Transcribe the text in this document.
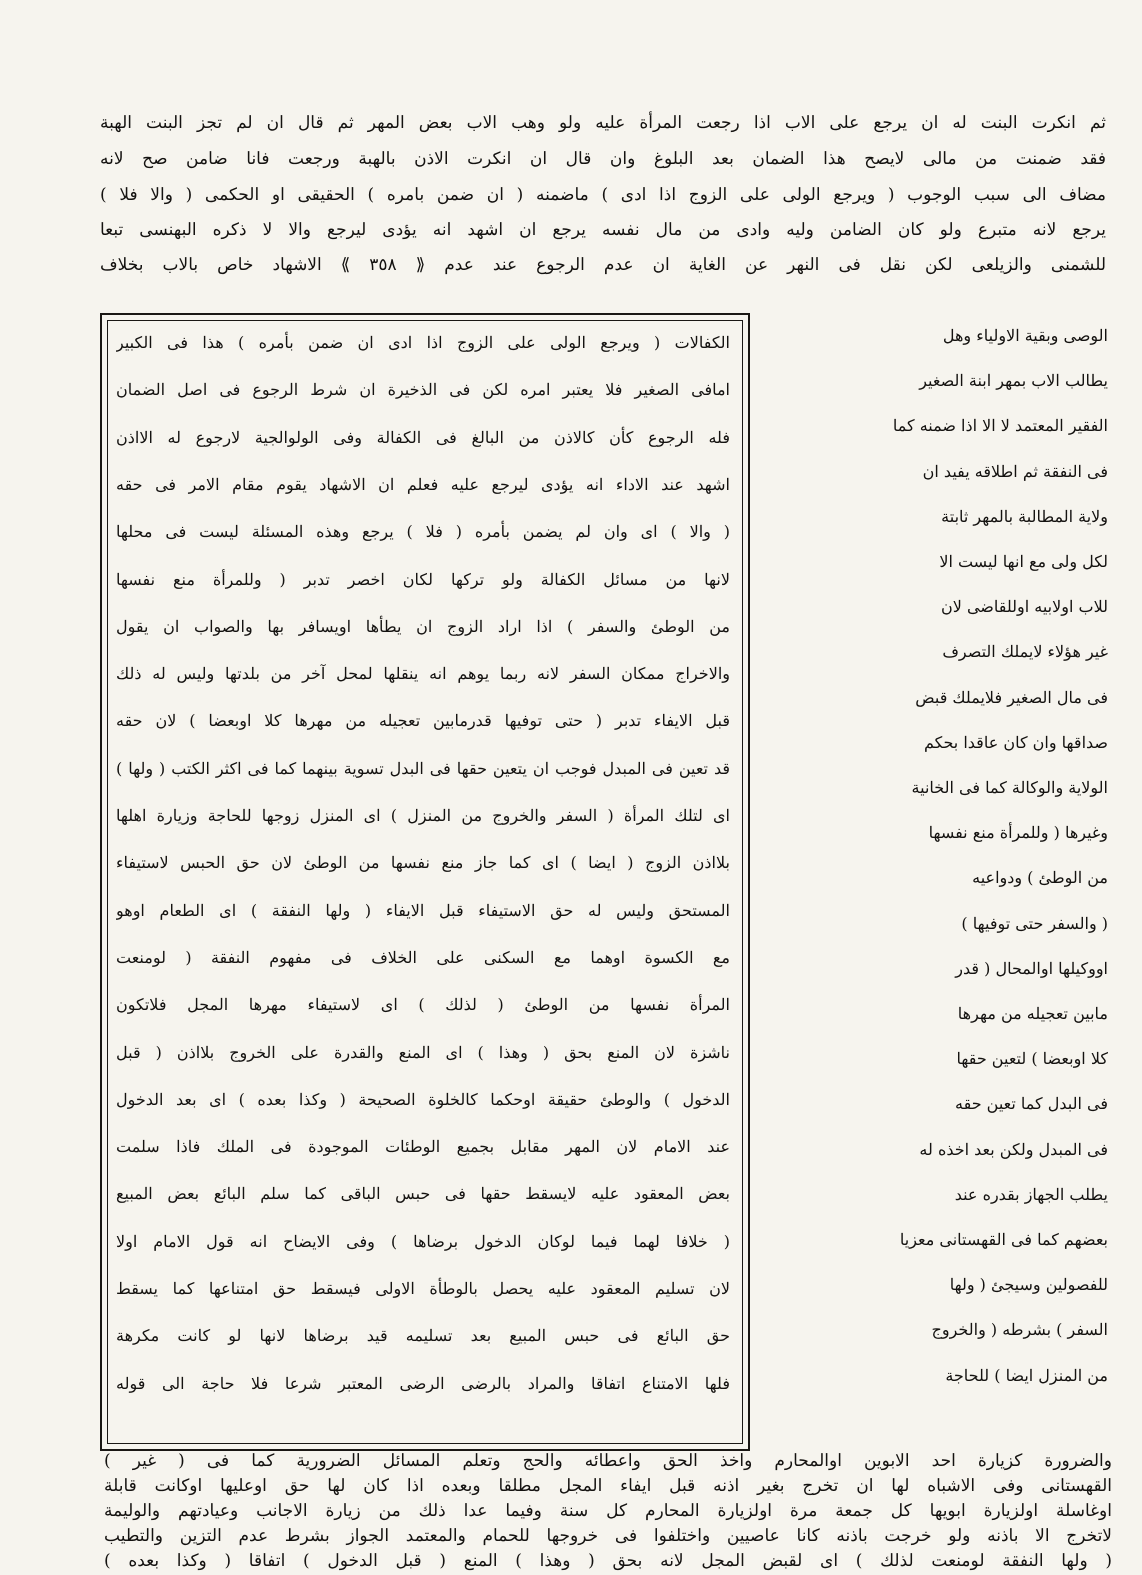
ثم انكرت البنت له ان يرجع على الاب اذا رجعت المرأة عليه ولو وهب الاب بعض المهر ثم قال ان لم تجز البنت الهبة
فقد ضمنت من مالى لايصح هذا الضمان بعد البلوغ وان قال ان انكرت الاذن بالهبة ورجعت فانا ضامن صح لانه
مضاف الى سبب الوجوب ( ويرجع الولى على الزوج اذا ادى ) ماضمنه ( ان ضمن بامره ) الحقيقى او الحكمى ( والا فلا )
يرجع لانه متبرع ولو كان الضامن وليه وادى من مال نفسه يرجع ان اشهد انه يؤدى ليرجع والا لا ذكره البهنسى تبعا
للشمنى والزيلعى لكن نقل فى النهر عن الغاية ان عدم الرجوع عند عدم ⟪ ٣٥٨ ⟫ الاشهاد خاص بالاب بخلاف
الكفالات ( ويرجع الولى على الزوج اذا ادى ان ضمن بأمره ) هذا فى الكبير
امافى الصغير فلا يعتبر امره لكن فى الذخيرة ان شرط الرجوع فى اصل الضمان
فله الرجوع كأن كالاذن من البالغ فى الكفالة وفى الولوالجية لارجوع له الااذن
اشهد عند الاداء انه يؤدى ليرجع عليه فعلم ان الاشهاد يقوم مقام الامر فى حقه
( والا ) اى وان لم يضمن بأمره ( فلا ) يرجع وهذه المسئلة ليست فى محلها
لانها من مسائل الكفالة ولو تركها لكان اخصر تدبر ( وللمرأة منع نفسها
من الوطئ والسفر ) اذا اراد الزوج ان يطأها اويسافر بها والصواب ان يقول
والاخراج ممكان السفر لانه ربما يوهم انه ينقلها لمحل آخر من بلدتها وليس له ذلك
قبل الايفاء تدبر ( حتى توفيها قدرمابين تعجيله من مهرها كلا اوبعضا ) لان حقه
قد تعين فى المبدل فوجب ان يتعين حقها فى البدل تسوية بينهما كما فى اكثر الكتب ( ولها )
اى لتلك المرأة ( السفر والخروج من المنزل ) اى المنزل زوجها للحاجة وزيارة اهلها
بلااذن الزوج ( ايضا ) اى كما جاز منع نفسها من الوطئ لان حق الحبس لاستيفاء
المستحق وليس له حق الاستيفاء قبل الايفاء ( ولها النفقة ) اى الطعام اوهو
مع الكسوة اوهما مع السكنى على الخلاف فى مفهوم النفقة ( لومنعت
المرأة نفسها من الوطئ ( لذلك ) اى لاستيفاء مهرها المجل فلاتكون
ناشزة لان المنع بحق ( وهذا ) اى المنع والقدرة على الخروج بلااذن ( قبل
الدخول ) والوطئ حقيقة اوحكما كالخلوة الصحيحة ( وكذا بعده ) اى بعد الدخول
عند الامام لان المهر مقابل بجميع الوطئات الموجودة فى الملك فاذا سلمت
بعض المعقود عليه لايسقط حقها فى حبس الباقى كما سلم البائع بعض المبيع
( خلافا لهما فيما لوكان الدخول برضاها ) وفى الايضاح انه قول الامام اولا
لان تسليم المعقود عليه يحصل بالوطأة الاولى فيسقط حق امتناعها كما يسقط
حق البائع فى حبس المبيع بعد تسليمه قيد برضاها لانها لو كانت مكرهة
فلها الامتناع اتفاقا والمراد بالرضى الرضى المعتبر شرعا فلا حاجة الى قوله
الوصى وبقية الاولياء وهل
يطالب الاب بمهر ابنة الصغير
الفقير المعتمد لا الا اذا ضمنه كما
فى النفقة ثم اطلاقه يفيد ان
ولاية المطالبة بالمهر ثابتة
لكل ولى مع انها ليست الا
للاب اولابيه اوللقاضى لان
غير هؤلاء لايملك التصرف
فى مال الصغير فلايملك قبض
صداقها وان كان عاقدا بحكم
الولاية والوكالة كما فى الخانية
وغيرها ( وللمرأة منع نفسها
من الوطئ ) ودواعيه
( والسفر حتى توفيها )
اووكيلها اوالمحال ( قدر
مابين تعجيله من مهرها
كلا اوبعضا ) لتعين حقها
فى البدل كما تعين حقه
فى المبدل ولكن بعد اخذه له
يطلب الجهاز بقدره عند
بعضهم كما فى القهستانى معزيا
للفصولين وسيجئ ( ولها
السفر ) بشرطه ( والخروج
من المنزل ايضا ) للحاجة
والضرورة كزيارة احد الابوين اوالمحارم واخذ الحق واعطائه والحج وتعلم المسائل الضرورية كما فى ( غير )
القهستانى وفى الاشباه لها ان تخرج بغير اذنه قبل ايفاء المجل مطلقا وبعده اذا كان لها حق اوعليها اوكانت قابلة
اوغاسلة اولزيارة ابويها كل جمعة مرة اولزيارة المحارم كل سنة وفيما عدا ذلك من زيارة الاجانب وعيادتهم والوليمة
لاتخرج الا باذنه ولو خرجت باذنه كانا عاصيين واختلفوا فى خروجها للحمام والمعتمد الجواز بشرط عدم التزين والتطيب
( ولها النفقة لومنعت لذلك ) اى لقبض المجل لانه بحق ( وهذا ) المنع ( قبل الدخول ) اتفاقا ( وكذا بعده )
